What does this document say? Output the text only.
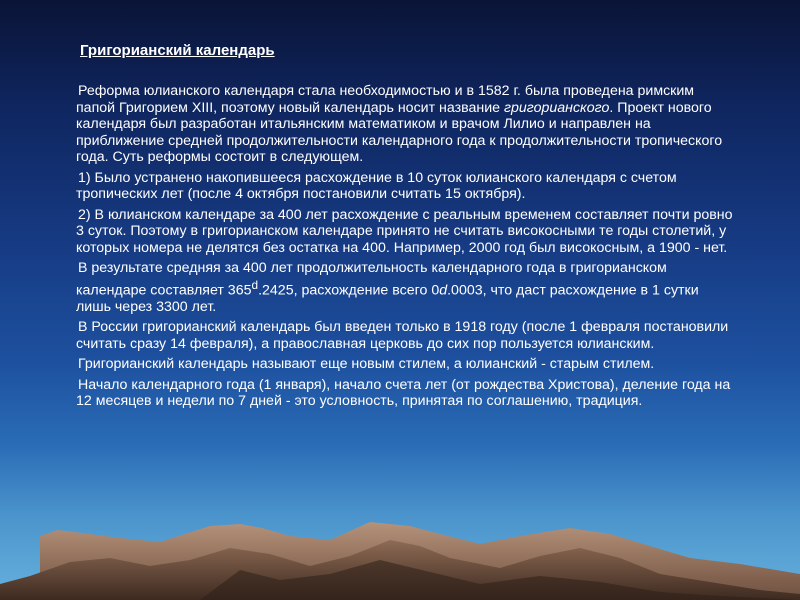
Григорианский календарь

Реформа юлианского календаря стала необходимостью и в 1582 г. была проведена римским папой Григорием XIII, поэтому новый календарь носит название григорианского. Проект нового календаря был разработан итальянским математиком и врачом Лилио и направлен на приближение средней продолжительности календарного года к продолжительности тропического года. Суть реформы состоит в следующем.

1) Было устранено накопившееся расхождение в 10 суток юлианского календаря с счетом тропических лет (после 4 октября постановили считать 15 октября).

2) В юлианском календаре за 400 лет расхождение с реальным временем составляет почти ровно 3 суток. Поэтому в григорианском календаре принято не считать високосными те годы столетий, у которых номера не делятся без остатка на 400. Например, 2000 год был високосным, а 1900 - нет.

В результате средняя за 400 лет продолжительность календарного года в григорианском календаре составляет 365$^d$.2425, расхождение всего 0d.0003, что даст расхождение в 1 сутки лишь через 3300 лет.

В России григорианский календарь был введен только в 1918 году (после 1 февраля постановили считать сразу 14 февраля), а православная церковь до сих пор пользуется юлианским.

Григорианский календарь называют еще новым стилем, а юлианский - старым стилем.

Начало календарного года (1 января), начало счета лет (от рождества Христова), деление года на 12 месяцев и недели по 7 дней - это условность, принятая по соглашению, традиция.
